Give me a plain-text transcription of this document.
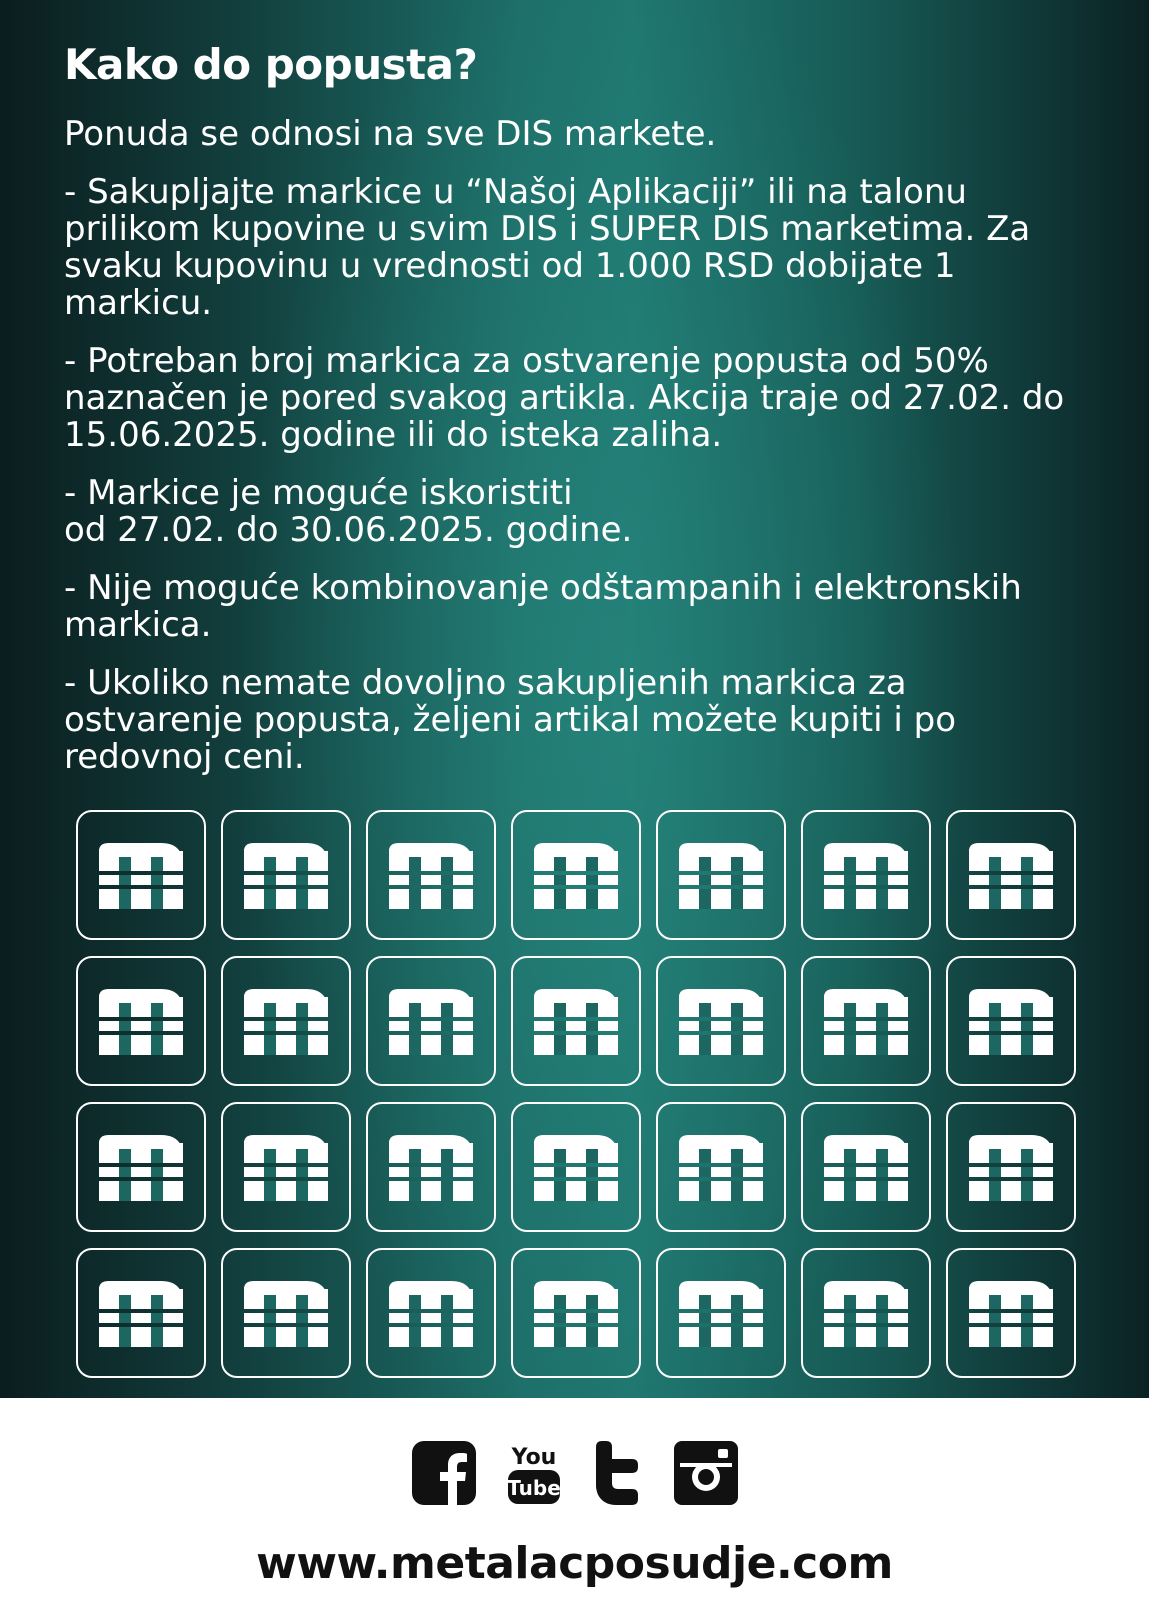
Kako do popusta?

Ponuda se odnosi na sve DIS markete.

- Sakupljajte markice u “Našoj Aplikaciji” ili na talonu prilikom kupovine u svim DIS i SUPER DIS marketima. Za svaku kupovinu u vrednosti od 1.000 RSD dobijate 1 markicu.

- Potreban broj markica za ostvarenje popusta od 50% naznačen je pored svakog artikla. Akcija traje od 27.02. do 15.06.2025. godine ili do isteka zaliha.

- Markice je moguće iskoristiti
od 27.02. do 30.06.2025. godine.

- Nije moguće kombinovanje odštampanih i elektronskih markica.

- Ukoliko nemate dovoljno sakupljenih markica za ostvarenje popusta, željeni artikal možete kupiti i po redovnoj ceni.

You
Tube
www.metalacposudje.com
